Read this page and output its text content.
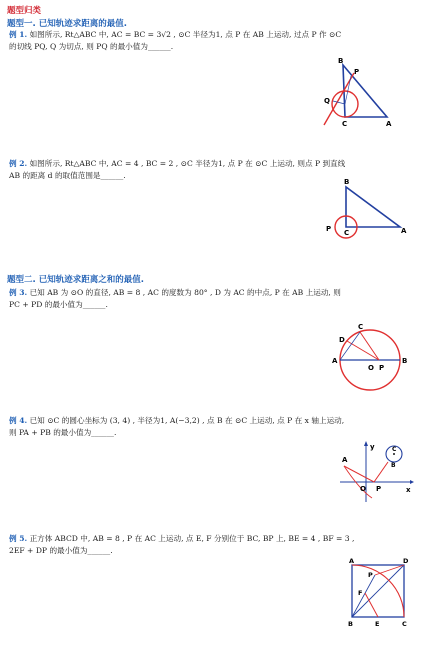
题型归类
题型一. 已知轨迹求距离的最值.
例 1. 如图所示, Rt△ABC 中, AC = BC = 3√2 , ⊙C 半径为1, 点 P 在 AB 上运动, 过点 P 作 ⊙C
的切线 PQ, Q 为切点, 则 PQ 的最小值为______.
B
P
Q
C	A
例 2. 如图所示, Rt△ABC 中, AC = 4 , BC = 2 , ⊙C 半径为1, 点 P 在 ⊙C 上运动, 则点 P 到直线
AB 的距离 d 的取值范围是______.
B
P C	A
题型二. 已知轨迹求距离之和的最值.
例 3. 已知 AB 为 ⊙O 的直径, AB = 8 , AC 的度数为 80° , D 为 AC 的中点, P 在 AB 上运动, 则
PC + PD 的最小值为______.
C
D
A
O P
B
例 4. 已知 ⊙C 的圆心坐标为 (3, 4) , 半径为1, A(−3,2) , 点 B 在 ⊙C 上运动, 点 P 在 x 轴上运动,
则 PA + PB 的最小值为______.
y	C
B
A
O P	x
例 5. 正方体 ABCD 中, AB = 8 , P 在 AC 上运动, 点 E, F 分别位于 BC, BP 上, BE = 4 , BF = 3 ,
2EF + DP 的最小值为______.
A	D
P
F
B	E	C
